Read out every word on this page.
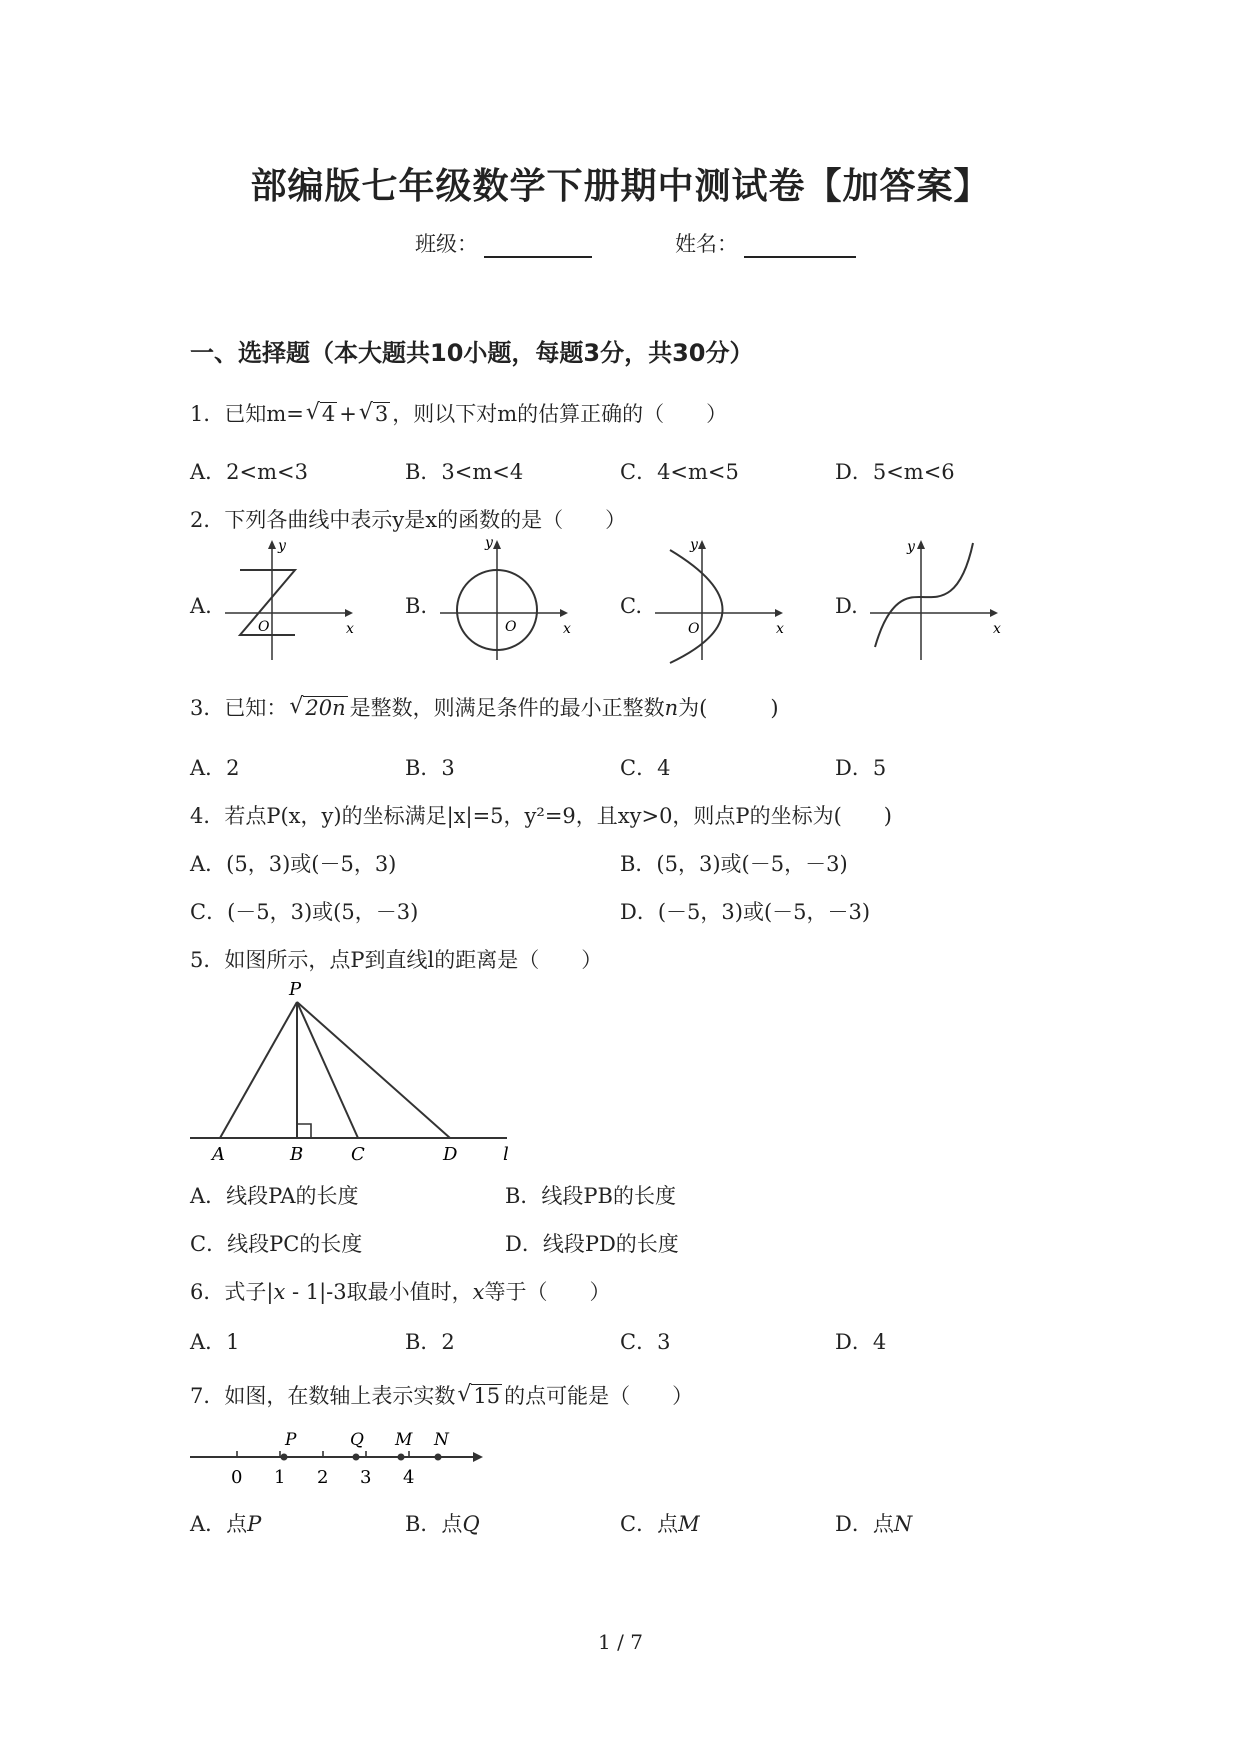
部编版七年级数学下册期中测试卷【加答案】
班级：	姓名：
一、选择题（本大题共10小题，每题3分，共30分）
1．已知m= √ 4 + √ 3 ，则以下对m的估算正确的（　　）
A．2<m<3	B．3<m<4	C．4<m<5	D．5<m<6
2．下列各曲线中表示y是x的函数的是（　　）
A.	B.	C.	D.
y
x
O
y
x
O
y
x
O
y
x
3．已知： √ 20n 是整数，则满足条件的最小正整数n为(　　　)
A．2	B．3	C．4	D．5
4．若点P(x，y)的坐标满足|x|=5，y²=9，且xy>0，则点P的坐标为(　　)
A．(5，3)或(－5，3)	B．(5，3)或(－5，－3)
C．(－5，3)或(5，－3)	D．(－5，3)或(－5，－3)
5．如图所示，点P到直线l的距离是（　　）
P
A	B	C	D	l
A．线段PA的长度	B．线段PB的长度
C．线段PC的长度	D．线段PD的长度
6．式子|x - 1|-3取最小值时，x等于（　　）
A．1	B．2	C．3	D．4
7．如图，在数轴上表示实数 √ 15 的点可能是（　　）
0 1 2 3 4
P	Q M N
A．点P	B．点Q	C．点M	D．点N
1 / 7
